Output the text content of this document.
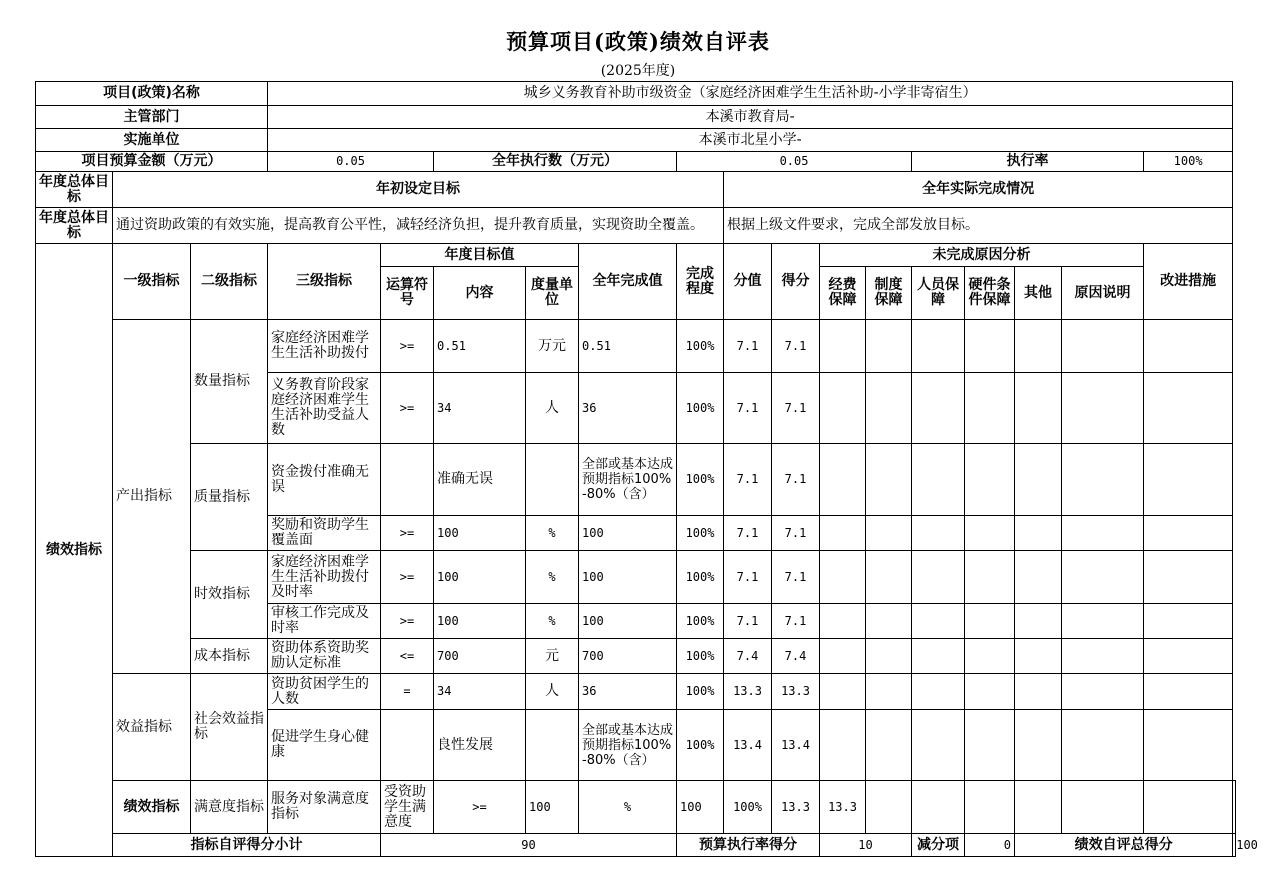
预算项目(政策)绩效自评表
(2025年度)
项目(政策)名称			城乡义务教育补助市级资金（家庭经济困难学生生活补助-小学非寄宿生）															
主管部门			本溪市教育局-															
实施单位			本溪市北星小学-															
项目预算金额（万元）			0.05		全年执行数（万元）			0.05					执行率				100%	
年度总体目标	年初设定目标								全年实际完成情况									
年度总体目标	通过资助政策的有效实施，提高教育公平性，减轻经济负担，提升教育质量，实现资助全覆盖。								根据上级文件要求，完成全部发放目标。									
绩效指标	一级指标	二级指标	三级指标	年度目标值			全年完成值	完成程度	分值	得分	未完成原因分析						改进措施	
				运算符号	内容	度量单位					经费保障	制度保障	人员保障	硬件条件保障	其他	原因说明		
	产出指标	数量指标	家庭经济困难学生生活补助拨付	>=	0.51	万元	0.51	100%	7.1	7.1								
			义务教育阶段家庭经济困难学生生活补助受益人数	>=	34	人	36	100%	7.1	7.1								
		质量指标	资金拨付准确无误		准确无误		全部或基本达成预期指标100%-80%（含）	100%	7.1	7.1								
			奖励和资助学生覆盖面	>=	100	%	100	100%	7.1	7.1								
		时效指标	家庭经济困难学生生活补助拨付及时率	>=	100	%	100	100%	7.1	7.1								
			审核工作完成及时率	>=	100	%	100	100%	7.1	7.1								
		成本指标	资助体系资助奖励认定标准	<=	700	元	700	100%	7.4	7.4								
	效益指标	社会效益指标	资助贫困学生的人数	=	34	人	36	100%	13.3	13.3								
			促进学生身心健康		良性发展		全部或基本达成预期指标100%-80%（含）	100%	13.4	13.4								
	绩效指标	满意度指标	服务对象满意度指标	受资助学生满意度	>=	100	%	100	100%	13.3	13.3							
	指标自评得分小计			90				预算执行率得分			10		减分项	0	绩效自评总得分			100
